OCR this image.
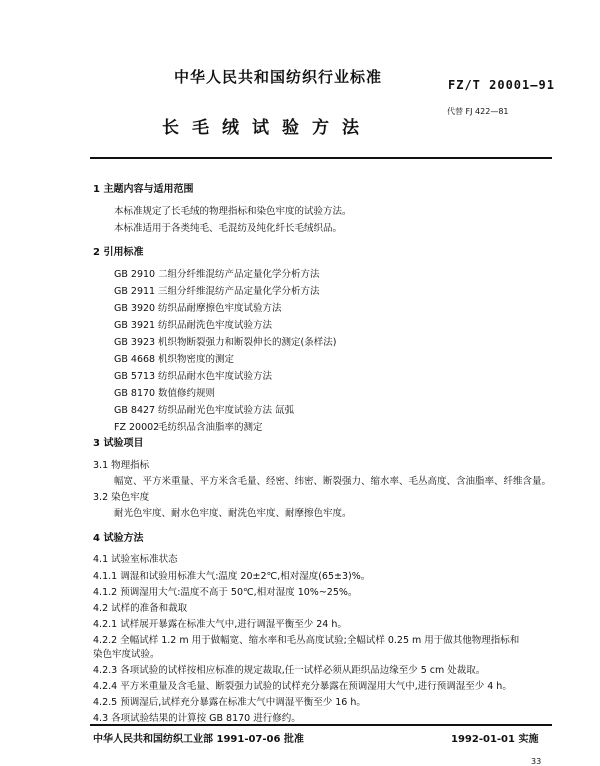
中华人民共和国纺织行业标准	FZ/T 20001—91
长毛绒试验方法
代替 FJ 422—81
1 主题内容与适用范围
本标准规定了长毛绒的物理指标和染色牢度的试验方法。
本标准适用于各类纯毛、毛混纺及纯化纤长毛绒织品。
2 引用标准
GB 2910 二组分纤维混纺产品定量化学分析方法
GB 2911 三组分纤维混纺产品定量化学分析方法
GB 3920 纺织品耐摩擦色牢度试验方法
GB 3921 纺织品耐洗色牢度试验方法
GB 3923 机织物断裂强力和断裂伸长的测定(条样法)
GB 4668 机织物密度的测定
GB 5713 纺织品耐水色牢度试验方法
GB 8170 数值修约规则
GB 8427 纺织品耐光色牢度试验方法 氙弧
FZ 20002毛纺织品含油脂率的测定
3 试验项目
3.1 物理指标
幅宽、平方米重量、平方米含毛量、经密、纬密、断裂强力、缩水率、毛丛高度、含油脂率、纤维含量。
3.2 染色牢度
耐光色牢度、耐水色牢度、耐洗色牢度、耐摩擦色牢度。
4 试验方法
4.1 试验室标准状态
4.1.1 调湿和试验用标准大气:温度 20±2℃,相对湿度(65±3)%。
4.1.2 预调湿用大气:温度不高于 50℃,相对湿度 10%~25%。
4.2 试样的准备和裁取
4.2.1 试样展开暴露在标准大气中,进行调湿平衡至少 24 h。
4.2.2 全幅试样 1.2 m 用于做幅宽、缩水率和毛丛高度试验;全幅试样 0.25 m 用于做其他物理指标和
染色牢度试验。
4.2.3 各项试验的试样按相应标准的规定裁取,任一试样必须从距织品边缘至少 5 cm 处裁取。
4.2.4 平方米重量及含毛量、断裂强力试验的试样充分暴露在预调湿用大气中,进行预调湿至少 4 h。
4.2.5 预调湿后,试样充分暴露在标准大气中调湿平衡至少 16 h。
4.3 各项试验结果的计算按 GB 8170 进行修约。
中华人民共和国纺织工业部 1991-07-06 批准	1992-01-01 实施
33
